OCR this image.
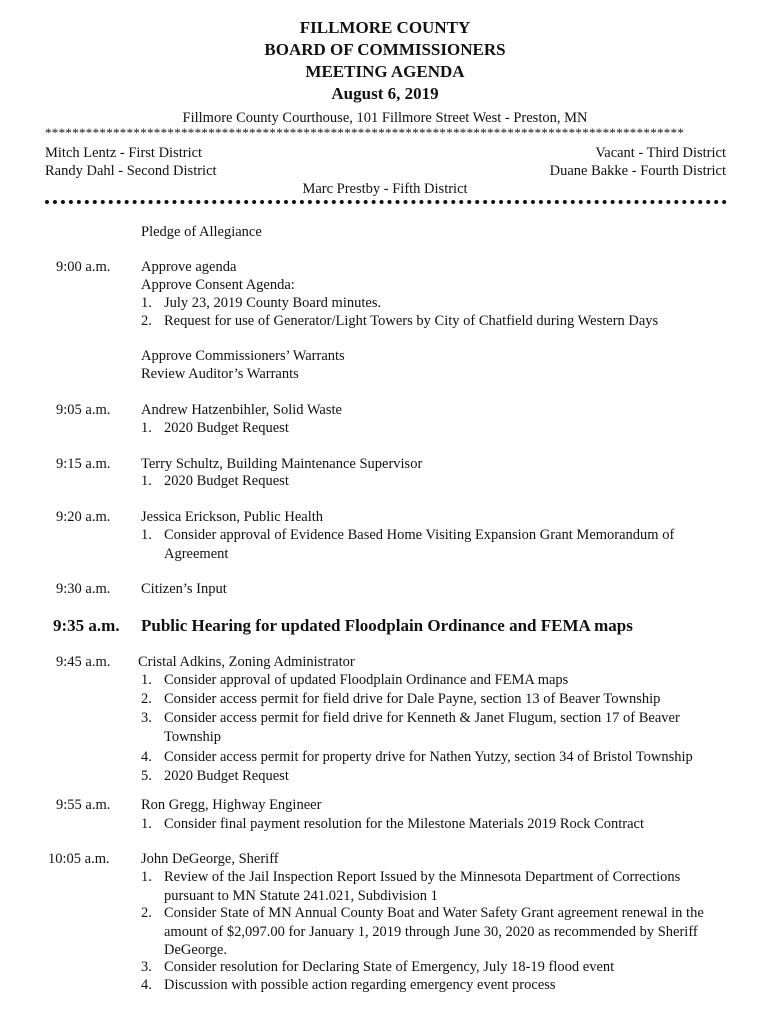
FILLMORE COUNTY
BOARD OF COMMISSIONERS
MEETING AGENDA
August 6, 2019
Fillmore County Courthouse, 101 Fillmore Street West - Preston, MN
**********************************************************************************************
Mitch Lentz - First District	Vacant - Third District
Randy Dahl - Second District	Duane Bakke - Fourth District
Marc Prestby - Fifth District
Pledge of Allegiance
9:00 a.m. Approve agenda
Approve Consent Agenda:
1. July 23, 2019 County Board minutes.
2. Request for use of Generator/Light Towers by City of Chatfield during Western Days
Approve Commissioners’ Warrants
Review Auditor’s Warrants
9:05 a.m. Andrew Hatzenbihler, Solid Waste
1. 2020 Budget Request
9:15 a.m. Terry Schultz, Building Maintenance Supervisor
1. 2020 Budget Request
9:20 a.m. Jessica Erickson, Public Health
1. Consider approval of Evidence Based Home Visiting Expansion Grant Memorandum of Agreement
9:30 a.m. Citizen’s Input
9:35 a.m. Public Hearing for updated Floodplain Ordinance and FEMA maps
9:45 a.m. Cristal Adkins, Zoning Administrator
1. Consider approval of updated Floodplain Ordinance and FEMA maps
2. Consider access permit for field drive for Dale Payne, section 13 of Beaver Township
3. Consider access permit for field drive for Kenneth & Janet Flugum, section 17 of Beaver Township
4. Consider access permit for property drive for Nathen Yutzy, section 34 of Bristol Township
5. 2020 Budget Request
9:55 a.m. Ron Gregg, Highway Engineer
1. Consider final payment resolution for the Milestone Materials 2019 Rock Contract
10:05 a.m. John DeGeorge, Sheriff
1. Review of the Jail Inspection Report Issued by the Minnesota Department of Corrections pursuant to MN Statute 241.021, Subdivision 1
2. Consider State of MN Annual County Boat and Water Safety Grant agreement renewal in the amount of $2,097.00 for January 1, 2019 through June 30, 2020 as recommended by Sheriff DeGeorge.
3. Consider resolution for Declaring State of Emergency, July 18-19 flood event
4. Discussion with possible action regarding emergency event process
